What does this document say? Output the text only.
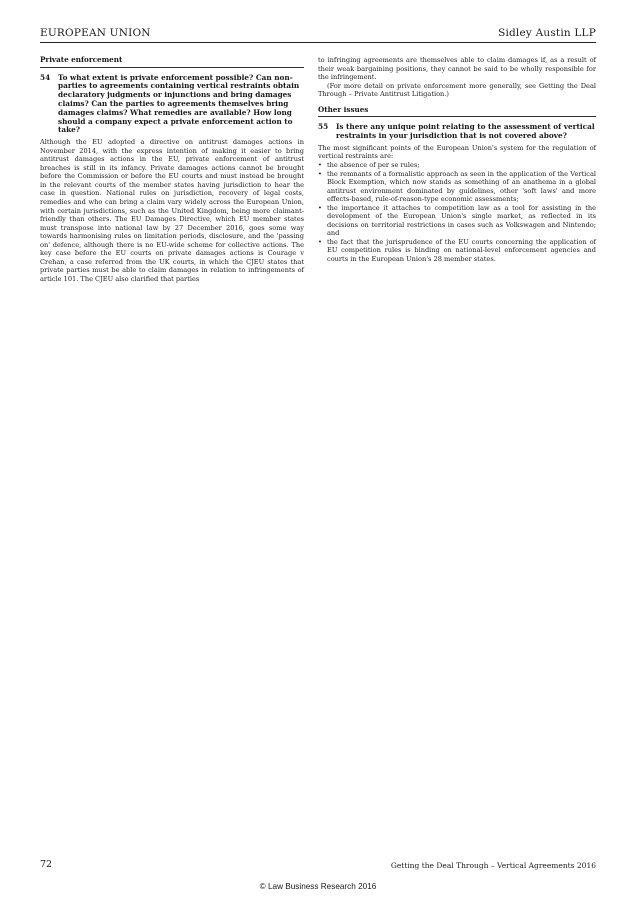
EUROPEAN UNION	Sidley Austin LLP
Private enforcement
54	To what extent is private enforcement possible? Can non-parties to agreements containing vertical restraints obtain declaratory judgments or injunctions and bring damages claims? Can the parties to agreements themselves bring damages claims? What remedies are available? How long should a company expect a private enforcement action to take?

Although the EU adopted a directive on antitrust damages actions in November 2014, with the express intention of making it easier to bring antitrust damages actions in the EU, private enforcement of antitrust breaches is still in its infancy. Private damages actions cannot be brought before the Commission or before the EU courts and must instead be brought in the relevant courts of the member states having jurisdiction to hear the case in question. National rules on jurisdiction, recovery of legal costs, remedies and who can bring a claim vary widely across the European Union, with certain jurisdictions, such as the United Kingdom, being more claimant-friendly than others. The EU Damages Directive, which EU member states must transpose into national law by 27 December 2016, goes some way towards harmonising rules on limitation periods, disclosure, and the 'passing on' defence, although there is no EU-wide scheme for collective actions. The key case before the EU courts on private damages actions is Courage v Crehan, a case referred from the UK courts, in which the CJEU states that private parties must be able to claim damages in relation to infringements of article 101. The CJEU also clarified that parties

to infringing agreements are themselves able to claim damages if, as a result of their weak bargaining positions, they cannot be said to be wholly responsible for the infringement.

(For more detail on private enforcement more generally, see Getting the Deal Through – Private Antitrust Litigation.)

Other issues
55	Is there any unique point relating to the assessment of vertical restraints in your jurisdiction that is not covered above?

The most significant points of the European Union's system for the regulation of vertical restraints are:

• the absence of per se rules;
• the remnants of a formalistic approach as seen in the application of the Vertical Block Exemption, which now stands as something of an anathema in a global antitrust environment dominated by guidelines, other 'soft laws' and more effects-based, rule-of-reason-type economic assessments;
• the importance it attaches to competition law as a tool for assisting in the development of the European Union's single market, as reflected in its decisions on territorial restrictions in cases such as Volkswagen and Nintendo; and
• the fact that the jurisprudence of the EU courts concerning the application of EU competition rules is binding on national-level enforcement agencies and courts in the European Union's 28 member states.
72	Getting the Deal Through – Vertical Agreements 2016
© Law Business Research 2016
